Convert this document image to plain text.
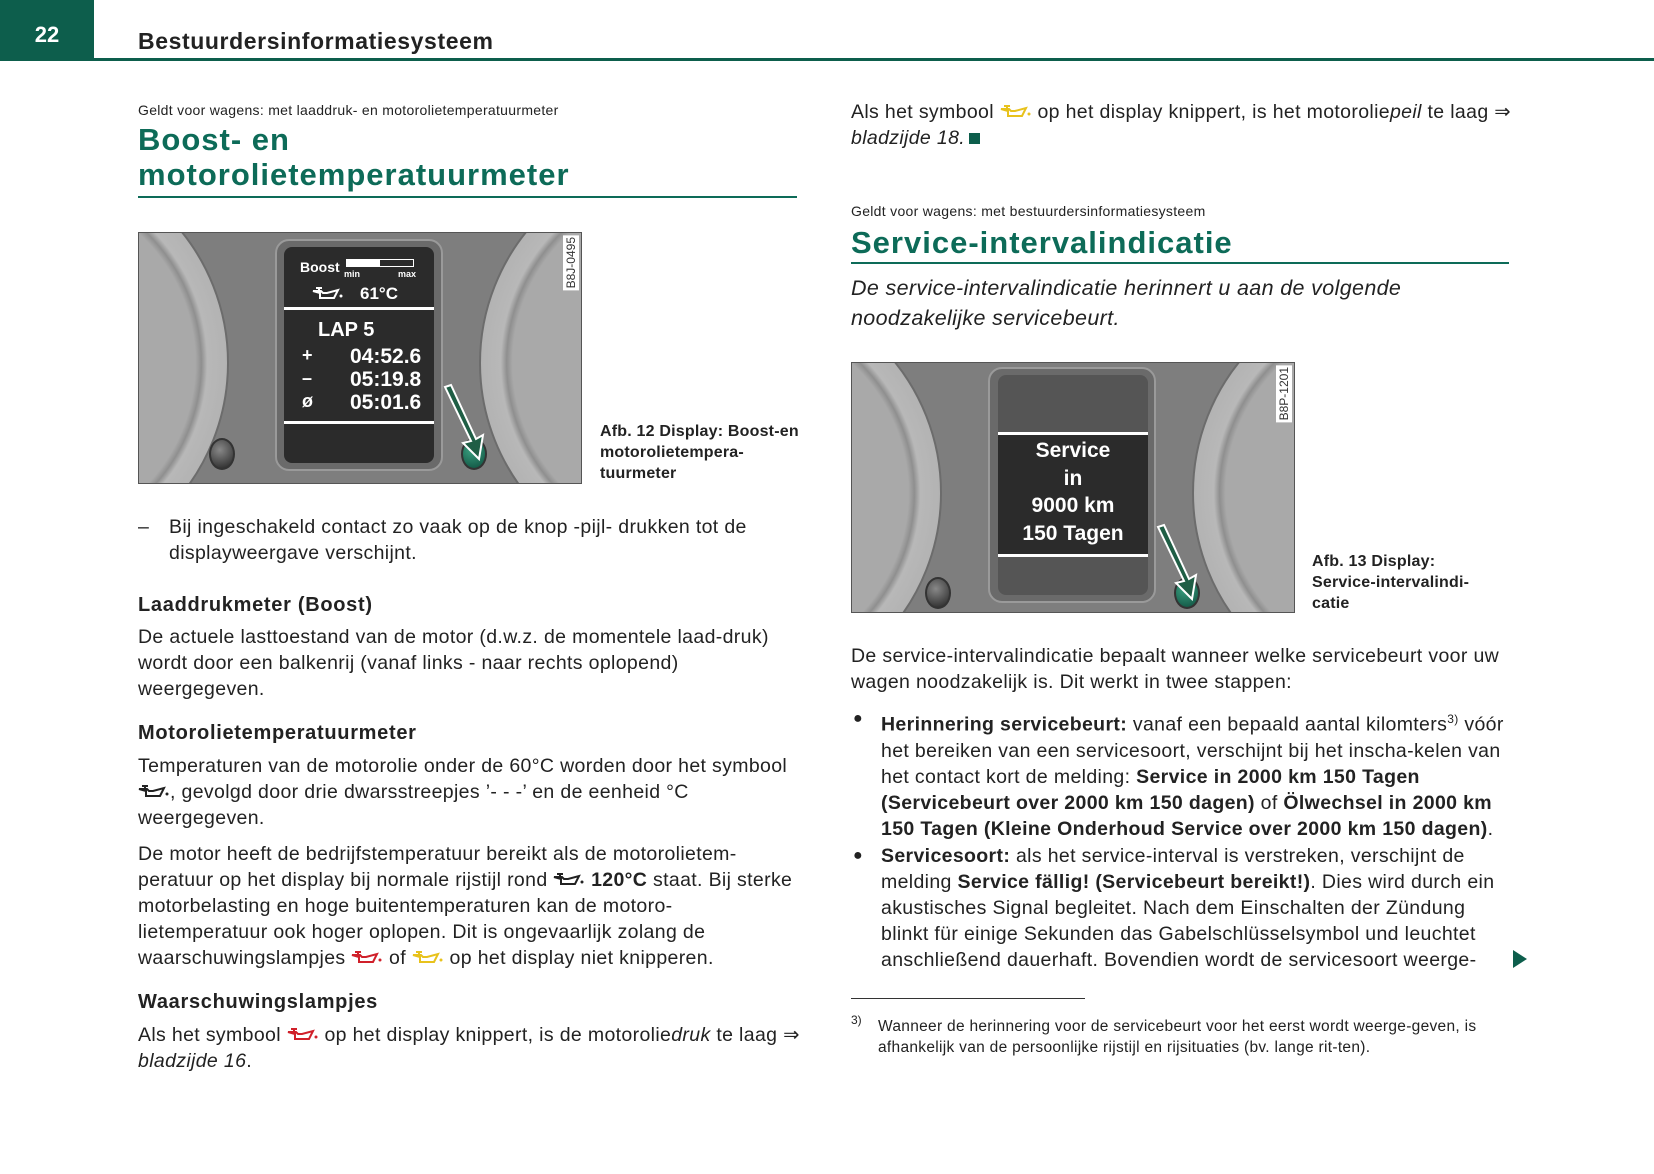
22	Bestuurdersinformatiesysteem
Geldt voor wagens: met laaddruk- en motorolietemperatuurmeter
Boost- en
motorolietemperatuurmeter
Boost min	max
61°C
LAP 5
+ 04:52.6
– 05:19.8
ø 05:01.6
B8J-0495
Afb. 12 Display: Boost-en motorolietempera-tuurmeter
– Bij ingeschakeld contact zo vaak op de knop -pijl- drukken tot de displayweergave verschijnt.
Laaddrukmeter (Boost)
De actuele lasttoestand van de motor (d.w.z. de momentele laad-druk) wordt door een balkenrij (vanaf links - naar rechts oplopend) weergegeven.
Motorolietemperatuurmeter
Temperaturen van de motorolie onder de 60°C worden door het symbool , gevolgd door drie dwarsstreepjes ’- - -’ en de eenheid °C weergegeven.
De motor heeft de bedrijfstemperatuur bereikt als de motorolietem-peratuur op het display bij normale rijstijl rond  120°C staat. Bij sterke motorbelasting en hoge buitentemperaturen kan de motoro-lietemperatuur ook hoger oplopen. Dit is ongevaarlijk zolang de waarschuwingslampjes  of  op het display niet knipperen.
Waarschuwingslampjes
Als het symbool  op het display knippert, is de motoroliedruk te laag ⇒ bladzijde 16.
Als het symbool  op het display knippert, is het motoroliepeil te laag ⇒ bladzijde 18.
Geldt voor wagens: met bestuurdersinformatiesysteem
Service-intervalindicatie
De service-intervalindicatie herinnert u aan de volgende noodzakelijke servicebeurt.
Service
in
9000 km
150 Tagen
B8P-1201
Afb. 13 Display: Service-intervalindi-catie
De service-intervalindicatie bepaalt wanneer welke servicebeurt voor uw wagen noodzakelijk is. Dit werkt in twee stappen:
● Herinnering servicebeurt: vanaf een bepaald aantal kilomters$^{3)}$ vóór het bereiken van een servicesoort, verschijnt bij het inscha-kelen van het contact kort de melding: Service in 2000 km 150 Tagen (Servicebeurt over 2000 km 150 dagen) of Ölwechsel in 2000 km 150 Tagen (Kleine Onderhoud Service over 2000 km 150 dagen).
● Servicesoort: als het service-interval is verstreken, verschijnt de melding Service fällig! (Servicebeurt bereikt!). Dies wird durch ein akustisches Signal begleitet. Nach dem Einschalten der Zündung blinkt für einige Sekunden das Gabelschlüsselsymbol und leuchtet anschließend dauerhaft. Bovendien wordt de servicesoort weerge-
3) Wanneer de herinnering voor de servicebeurt voor het eerst wordt weerge-geven, is afhankelijk van de persoonlijke rijstijl en rijsituaties (bv. lange rit-ten).
